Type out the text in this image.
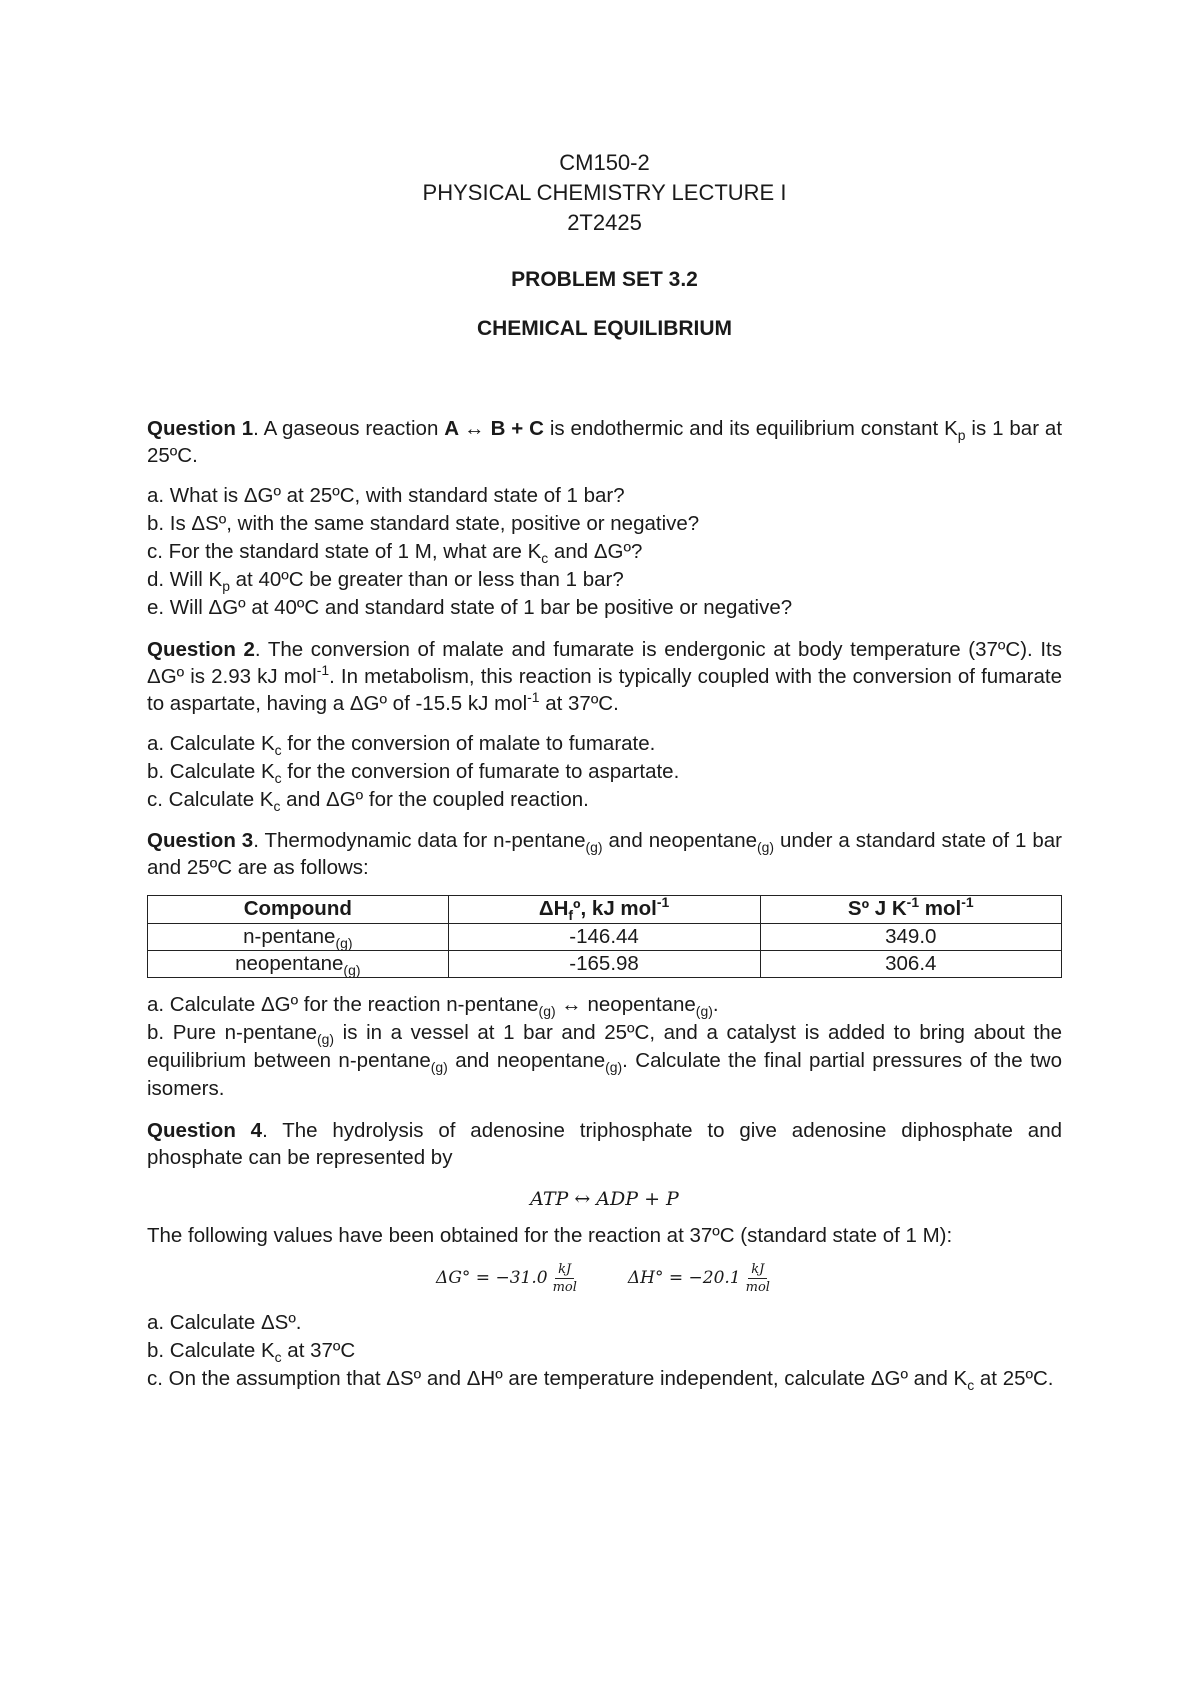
CM150-2
PHYSICAL CHEMISTRY LECTURE I
2T2425
PROBLEM SET 3.2
CHEMICAL EQUILIBRIUM
Question 1. A gaseous reaction A ↔ B + C is endothermic and its equilibrium constant $K_p$ is 1 bar at 25ºC.
a. What is ΔGº at 25ºC, with standard state of 1 bar?
b. Is ΔSº, with the same standard state, positive or negative?
c. For the standard state of 1 M, what are $K_c$ and ΔGº?
d. Will $K_p$ at 40ºC be greater than or less than 1 bar?
e. Will ΔGº at 40ºC and standard state of 1 bar be positive or negative?
Question 2. The conversion of malate and fumarate is endergonic at body temperature (37ºC). Its ΔGº is 2.93 kJ mol$^{-1}$. In metabolism, this reaction is typically coupled with the conversion of fumarate to aspartate, having a ΔGº of -15.5 kJ mol$^{-1}$ at 37ºC.
a. Calculate $K_c$ for the conversion of malate to fumarate.
b. Calculate $K_c$ for the conversion of fumarate to aspartate.
c. Calculate $K_c$ and ΔGº for the coupled reaction.
Question 3. Thermodynamic data for n-pentane$_{(g)}$ and neopentane$_{(g)}$ under a standard state of 1 bar and 25ºC are as follows:
Compound	$\Delta H_fº$, kJ mol$^{-1}$	Sº J $K^{-1}$ mol$^{-1}$
n-pentane$_{(g)}$	-146.44	349.0
neopentane$_{(g)}$	-165.98	306.4
a. Calculate ΔGº for the reaction n-pentane$_{(g)}$ ↔ neopentane$_{(g)}$.
b. Pure n-pentane$_{(g)}$ is in a vessel at 1 bar and 25ºC, and a catalyst is added to bring about the equilibrium between n-pentane$_{(g)}$ and neopentane$_{(g)}$. Calculate the final partial pressures of the two isomers.
Question 4. The hydrolysis of adenosine triphosphate to give adenosine diphosphate and phosphate can be represented by
ATP ↔ ADP + P
The following values have been obtained for the reaction at 37ºC (standard state of 1 M):
$\Delta G^\circ = -31.0 \frac{kJ}{\text{mol}}$	$\Delta H^\circ = -20.1 \frac{kJ}{\text{mol}}$
a. Calculate ΔSº.
b. Calculate $K_c$ at 37ºC
c. On the assumption that ΔSº and ΔHº are temperature independent, calculate ΔGº and $K_c$ at 25ºC.
